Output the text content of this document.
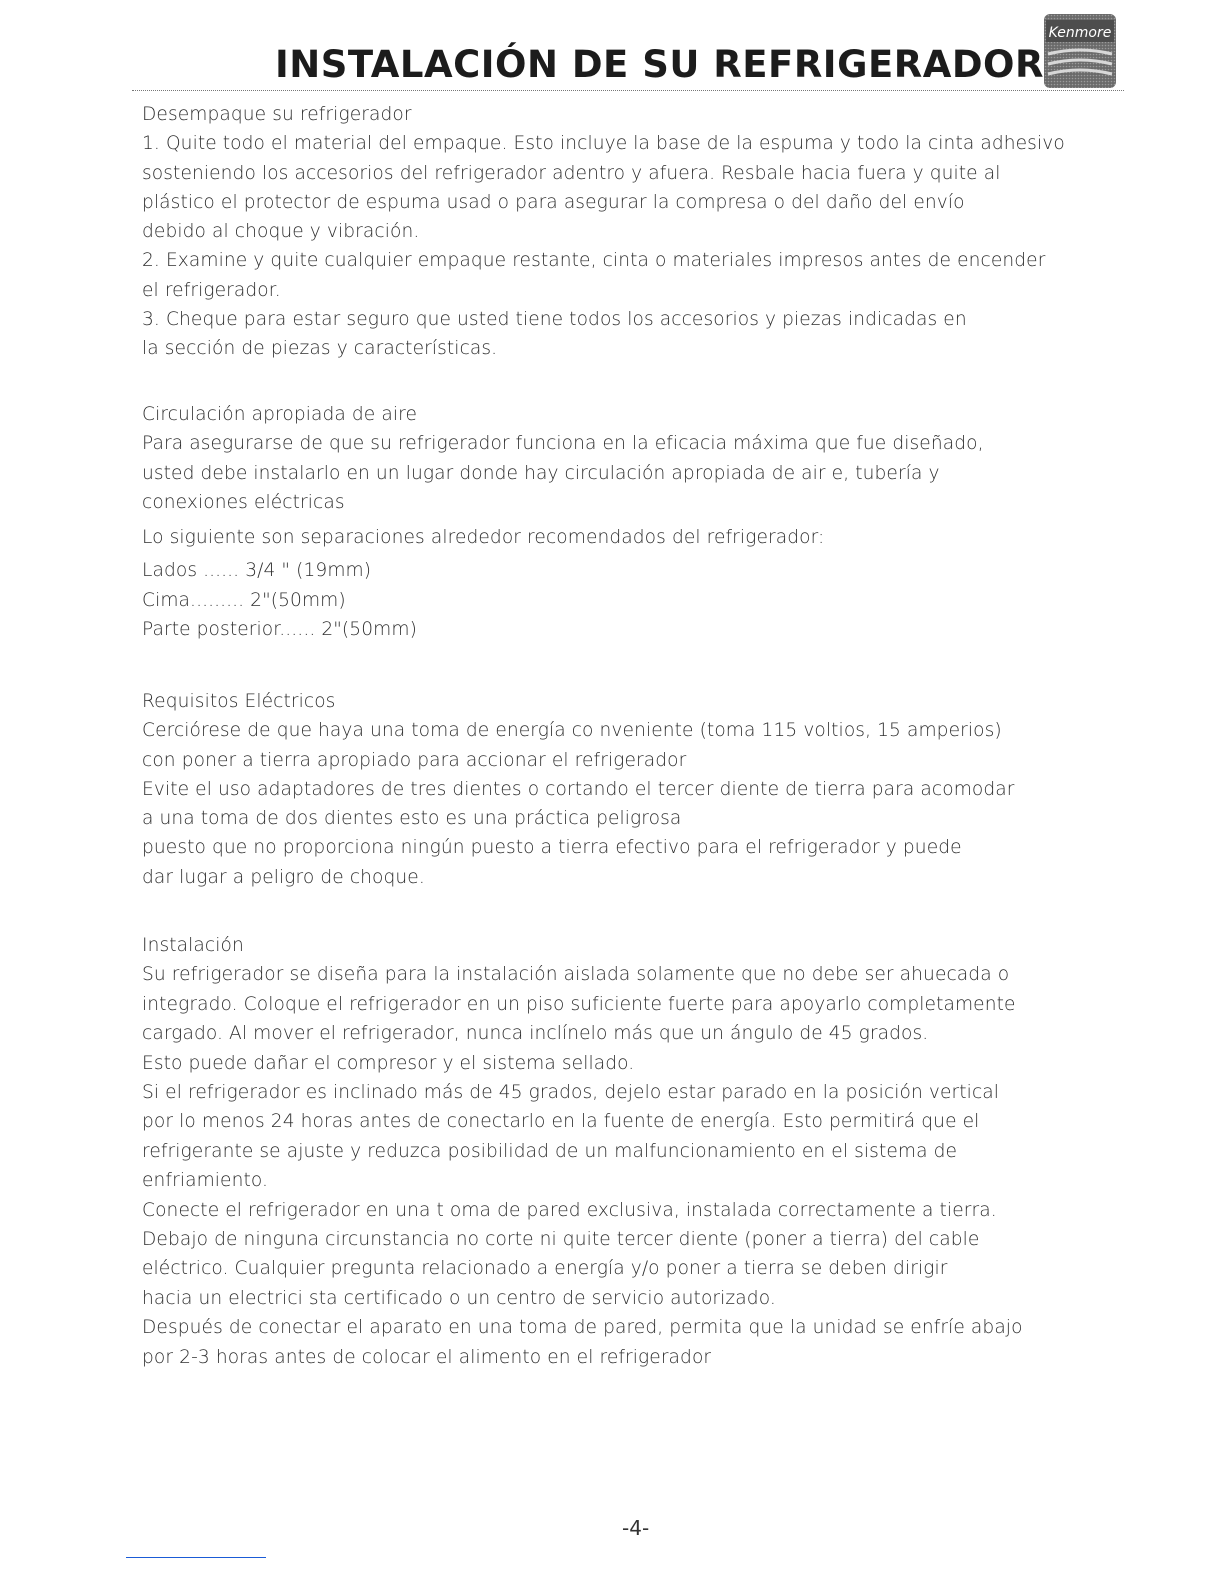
INSTALACIÓN DE SU REFRIGERADOR
Kenmore
Desempaque su refrigerador
1. Quite todo el material del empaque. Esto incluye la base de la espuma y todo la cinta adhesivo
sosteniendo los accesorios del refrigerador adentro y afuera. Resbale hacia fuera y quite al
plástico el protector de espuma usad o para asegurar la compresa o del daño del envío
debido al choque y vibración.
2. Examine y quite cualquier empaque restante, cinta o materiales impresos antes de encender
el refrigerador.
3. Cheque para estar seguro que usted tiene todos los accesorios y piezas indicadas en
la sección de piezas y características.
Circulación apropiada de aire
Para asegurarse de que su refrigerador funciona en la eficacia máxima que fue diseñado,
usted debe instalarlo en un lugar donde hay circulación apropiada de air e, tubería y
conexiones eléctricas
Lo siguiente son separaciones alrededor recomendados del refrigerador:
Lados ...... 3/4 " (19mm)
Cima......... 2"(50mm)
Parte posterior...... 2"(50mm)
Requisitos Eléctricos
Cerciórese de que haya una toma de energía co nveniente (toma 115 voltios, 15 amperios)
con poner a tierra apropiado para accionar el refrigerador
Evite el uso adaptadores de tres dientes o cortando el tercer diente de tierra para acomodar
a una toma de dos dientes esto es una práctica peligrosa
puesto que no proporciona ningún puesto a tierra efectivo para el refrigerador y puede
dar lugar a peligro de choque.
Instalación
Su refrigerador se diseña para la instalación aislada solamente que no debe ser ahuecada o
integrado. Coloque el refrigerador en un piso suficiente fuerte para apoyarlo completamente
cargado. Al mover el refrigerador, nunca inclínelo más que un ángulo de 45 grados.
Esto puede dañar el compresor y el sistema sellado.
Si el refrigerador es inclinado más de 45 grados, dejelo estar parado en la posición vertical
por lo menos 24 horas antes de conectarlo en la fuente de energía. Esto permitirá que el
refrigerante se ajuste y reduzca posibilidad de un malfuncionamiento en el sistema de
enfriamiento.
Conecte el refrigerador en una t oma de pared exclusiva, instalada correctamente a tierra.
Debajo de ninguna circunstancia no corte ni quite tercer diente (poner a tierra) del cable
eléctrico. Cualquier pregunta relacionado a energía y/o poner a tierra se deben dirigir
hacia un electrici sta certificado o un centro de servicio autorizado.
Después de conectar el aparato en una toma de pared, permita que la unidad se enfríe abajo
por 2-3 horas antes de colocar el alimento en el refrigerador
-4-
